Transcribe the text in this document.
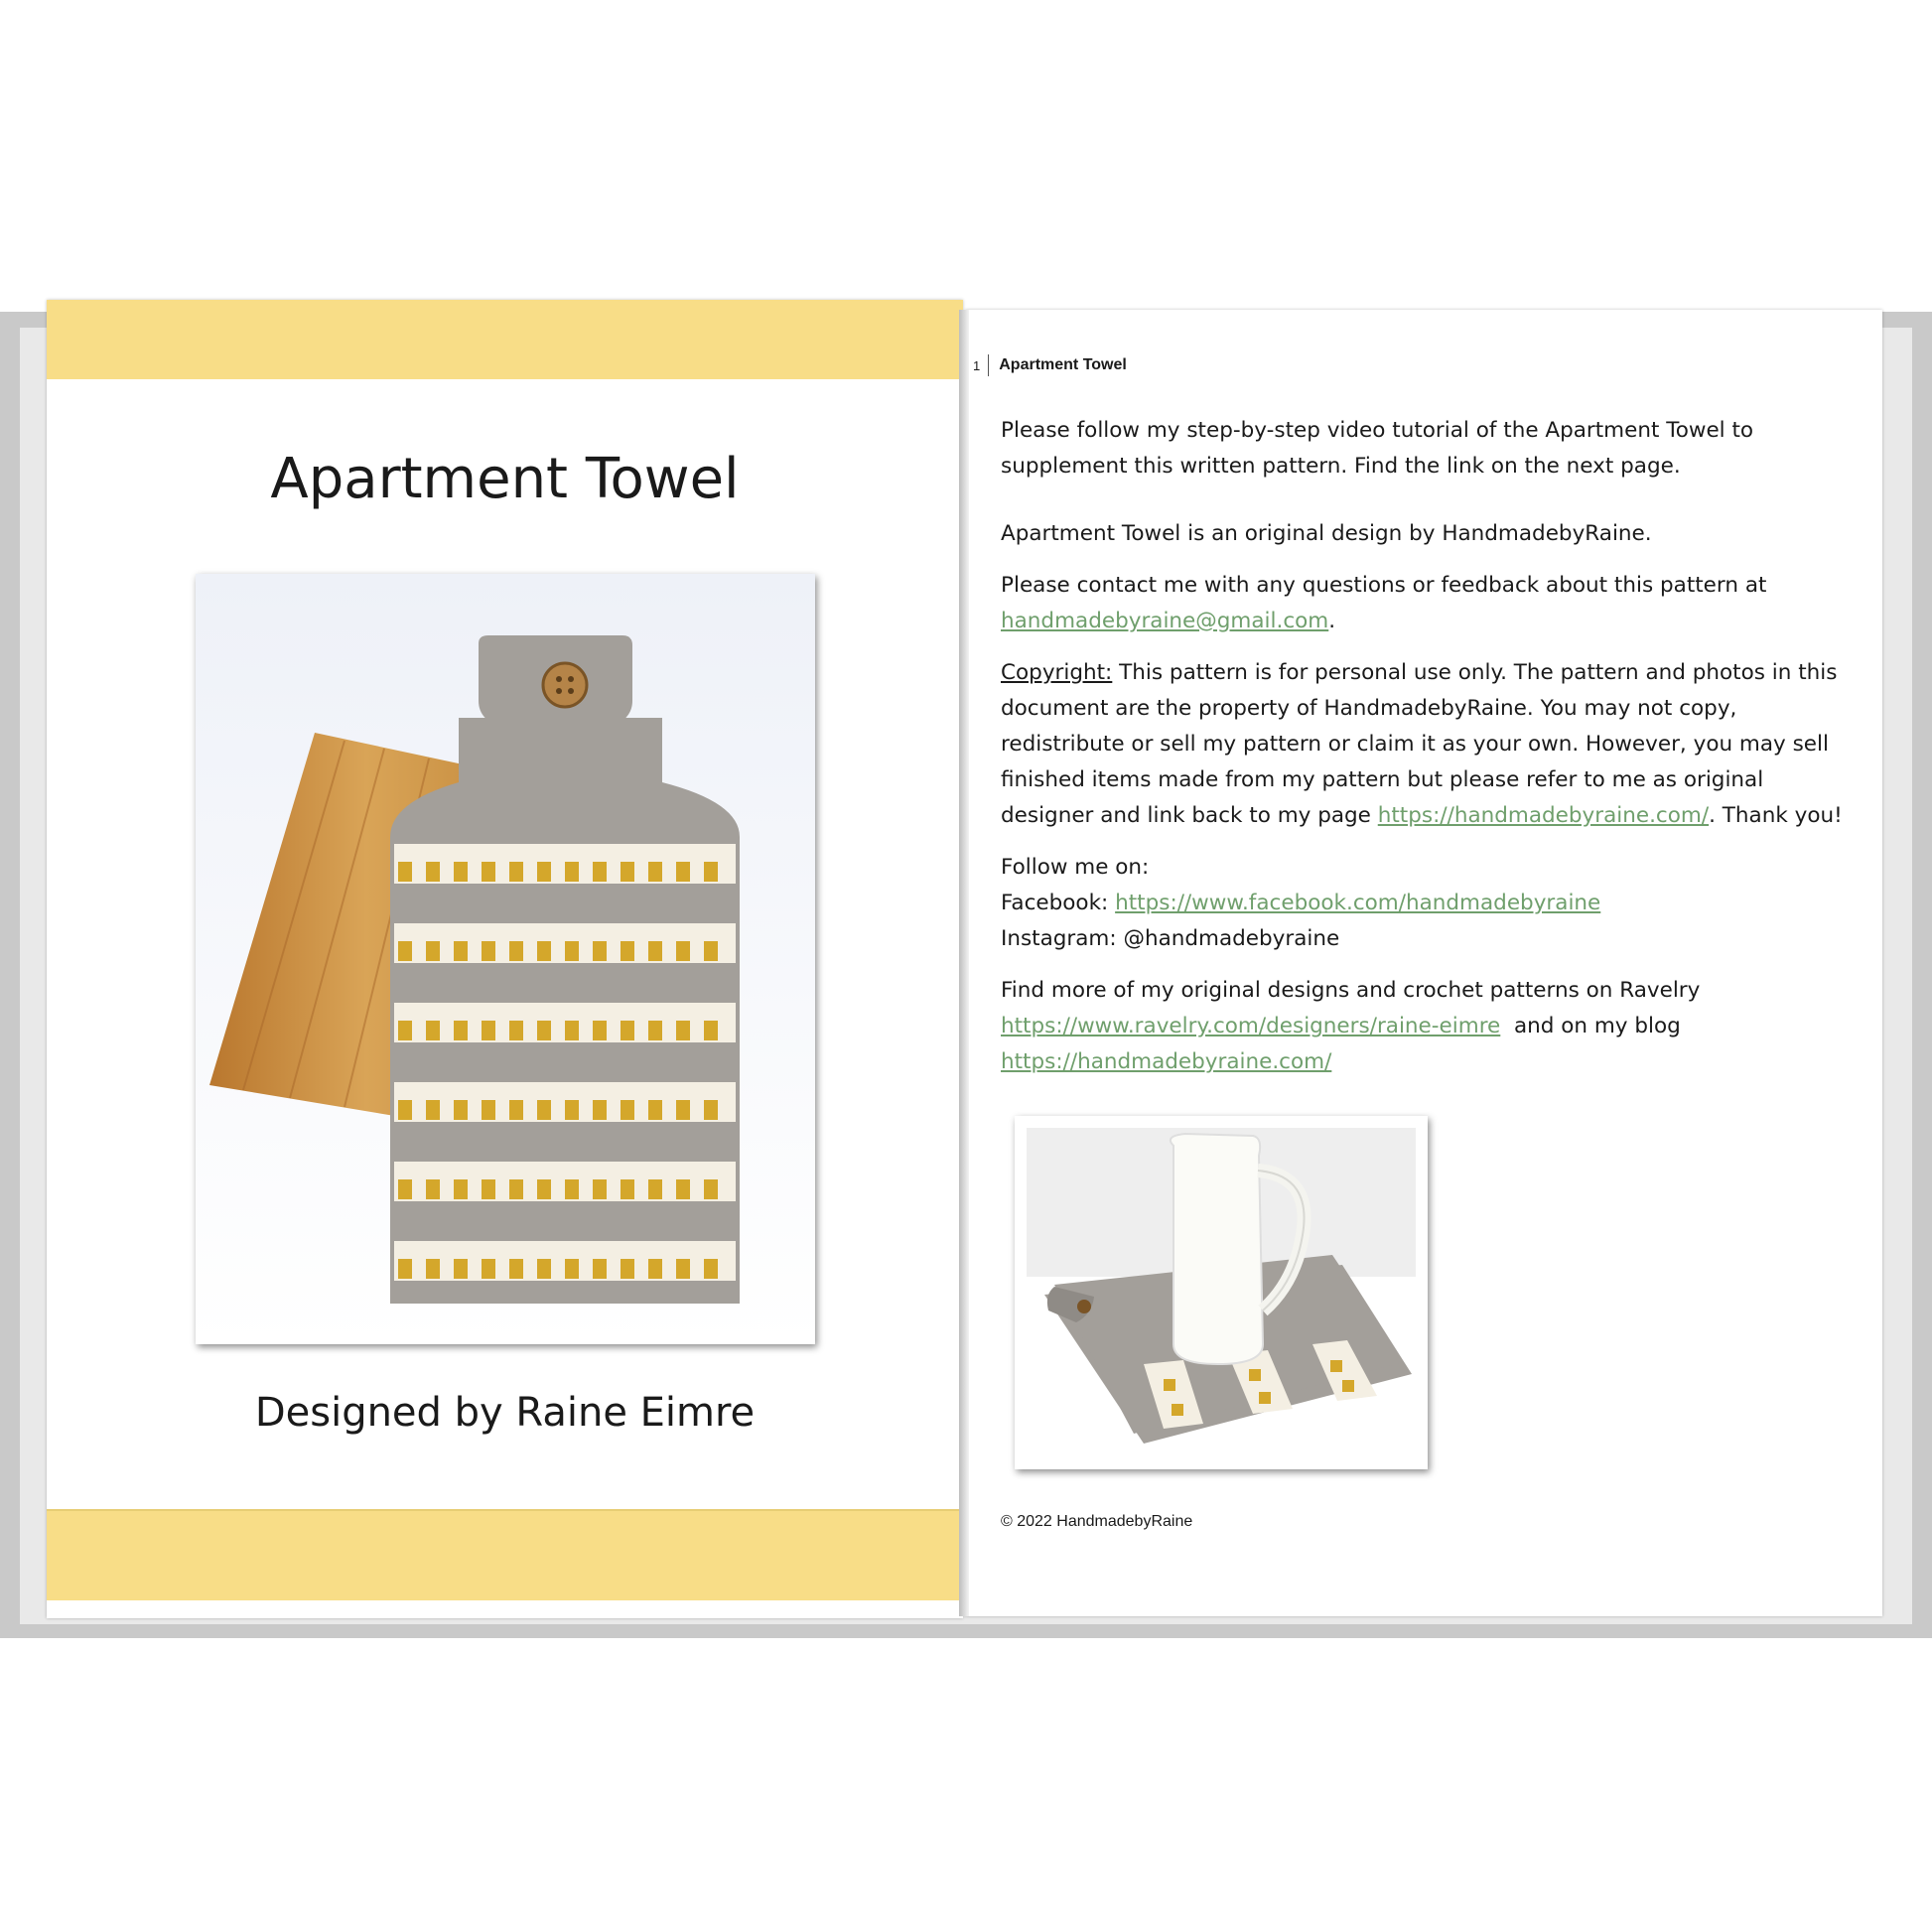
Apartment Towel
Designed by Raine Eimre
1	Apartment Towel

Please follow my step-by-step video tutorial of the Apartment Towel to supplement this written pattern. Find the link on the next page.

Apartment Towel is an original design by HandmadebyRaine.

Please contact me with any questions or feedback about this pattern at
handmadebyraine@gmail.com.

Copyright: This pattern is for personal use only. The pattern and photos in this document are the property of HandmadebyRaine. You may not copy, redistribute or sell my pattern or claim it as your own. However, you may sell finished items made from my pattern but please refer to me as original designer and link back to my page https://handmadebyraine.com/. Thank you!

Follow me on:
Facebook: https://www.facebook.com/handmadebyraine
Instagram: @handmadebyraine

Find more of my original designs and crochet patterns on Ravelry
https://www.ravelry.com/designers/raine-eimre  and on my blog
https://handmadebyraine.com/

© 2022 HandmadebyRaine
